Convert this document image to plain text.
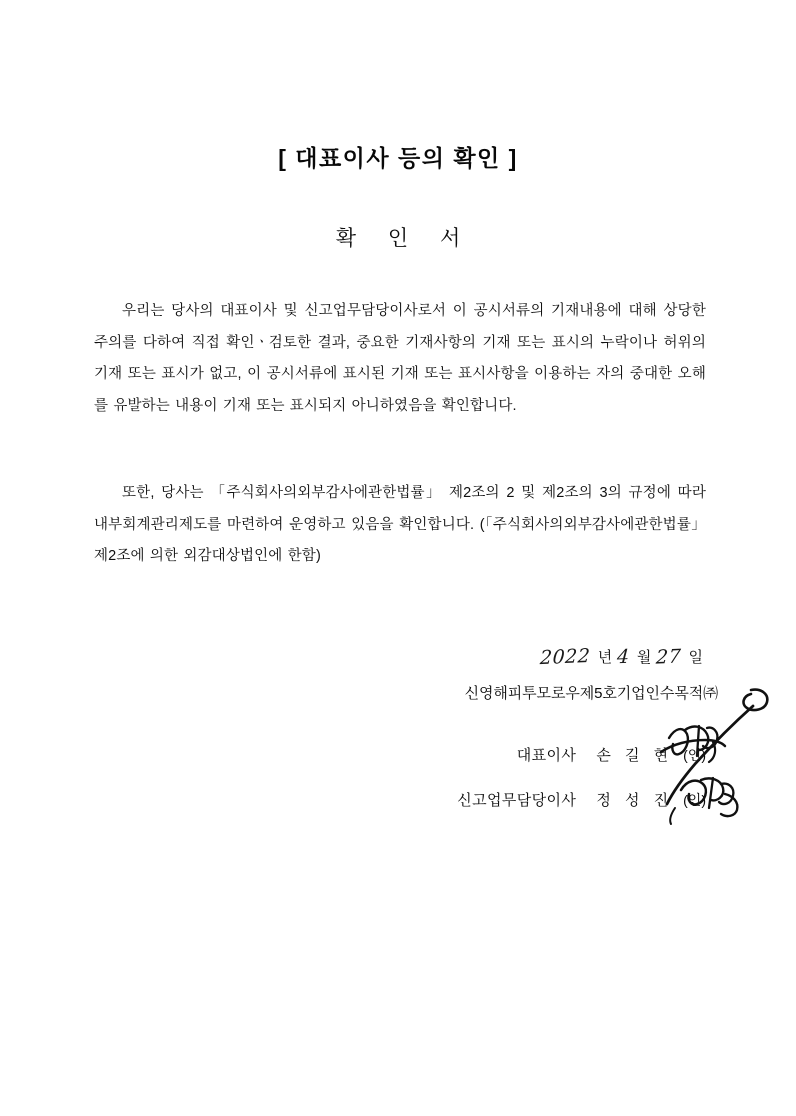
[ 대표이사 등의 확인 ]
확 인 서

우리는 당사의 대표이사 및 신고업무담당이사로서 이 공시서류의 기재내용에 대해 상당한 주의를 다하여 직접 확인ㆍ검토한 결과, 중요한 기재사항의 기재 또는 표시의 누락이나 허위의 기재 또는 표시가 없고, 이 공시서류에 표시된 기재 또는 표시사항을 이용하는 자의 중대한 오해를 유발하는 내용이 기재 또는 표시되지 아니하였음을 확인합니다.

또한, 당사는 「주식회사의외부감사에관한법률」 제2조의 2 및 제2조의 3의 규정에 따라 내부회계관리제도를 마련하여 운영하고 있음을 확인합니다. (「주식회사의외부감사에관한법률」 제2조에 의한 외감대상법인에 한함)

2022 년 4 월 27 일

신영해피투모로우제5호기업인수목적㈜

대표이사 손 길 현 (인)

신고업무담당이사 정 성 진 (인)
